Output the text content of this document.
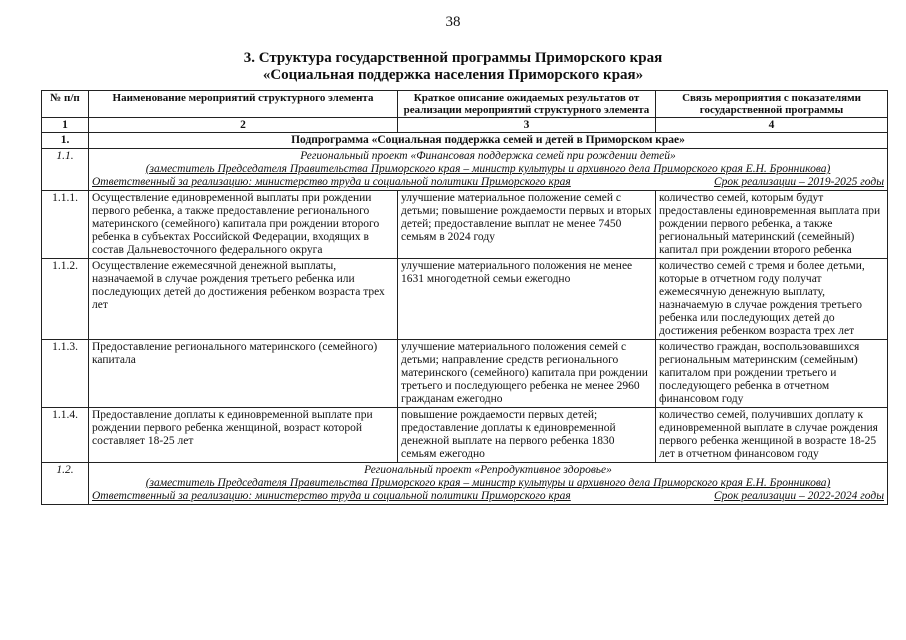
38
3. Структура государственной программы Приморского края
«Социальная поддержка населения Приморского края»
№ п/п	Наименование мероприятий структурного элемента	Краткое описание ожидаемых результатов от реализации мероприятий структурного элемента	Связь мероприятия с показателями государственной программы
1	2	3	4
1.	Подпрограмма «Социальная поддержка семей и детей в Приморском крае»		
1.1.	Региональный проект «Финансовая поддержка семей при рождении детей»
(заместитель Председателя Правительства Приморского края – министр культуры и архивного дела Приморского края Е.Н. Бронникова)
Ответственный за реализацию: министерство труда и социальной политики Приморского края Срок реализации – 2019-2025 годы		

1.1.1.	Осуществление единовременной выплаты при рождении первого ребенка, а также предоставление регионального материнского (семейного) капитала при рождении второго ребенка в субъектах Российской Федерации, входящих в состав Дальневосточного федерального округа	улучшение материальное положение семей с детьми; повышение рождаемости первых и вторых детей; предоставление выплат не менее 7450 семьям в 2024 году	количество семей, которым будут предоставлены единовременная выплата при рождении первого ребенка, а также региональный материнский (семейный) капитал при рождении второго ребенка
1.1.2.	Осуществление ежемесячной денежной выплаты, назначаемой в случае рождения третьего ребенка или последующих детей до достижения ребенком возраста трех лет	улучшение материального положения не менее 1631 многодетной семьи ежегодно	количество семей с тремя и более детьми, которые в отчетном году получат ежемесячную денежную выплату, назначаемую в случае рождения третьего ребенка или последующих детей до достижения ребенком возраста трех лет
1.1.3.	Предоставление регионального материнского (семейного) капитала	улучшение материального положения семей с детьми; направление средств регионального материнского (семейного) капитала при рождении третьего и последующего ребенка не менее 2960 гражданам ежегодно	количество граждан, воспользовавшихся региональным материнским (семейным) капиталом при рождении третьего и последующего ребенка в отчетном финансовом году
1.1.4.	Предоставление доплаты к единовременной выплате при рождении первого ребенка женщиной, возраст которой составляет 18-25 лет	повышение рождаемости первых детей; предоставление доплаты к единовременной денежной выплате на первого ребенка 1830 семьям ежегодно	количество семей, получивших доплату к единовременной выплате в случае рождения первого ребенка женщиной в возрасте 18-25 лет в отчетном финансовом году
1.2.	Региональный проект «Репродуктивное здоровье»
(заместитель Председателя Правительства Приморского края – министр культуры и архивного дела Приморского края Е.Н. Бронникова)
Ответственный за реализацию: министерство труда и социальной политики Приморского края Срок реализации – 2022-2024 годы		
